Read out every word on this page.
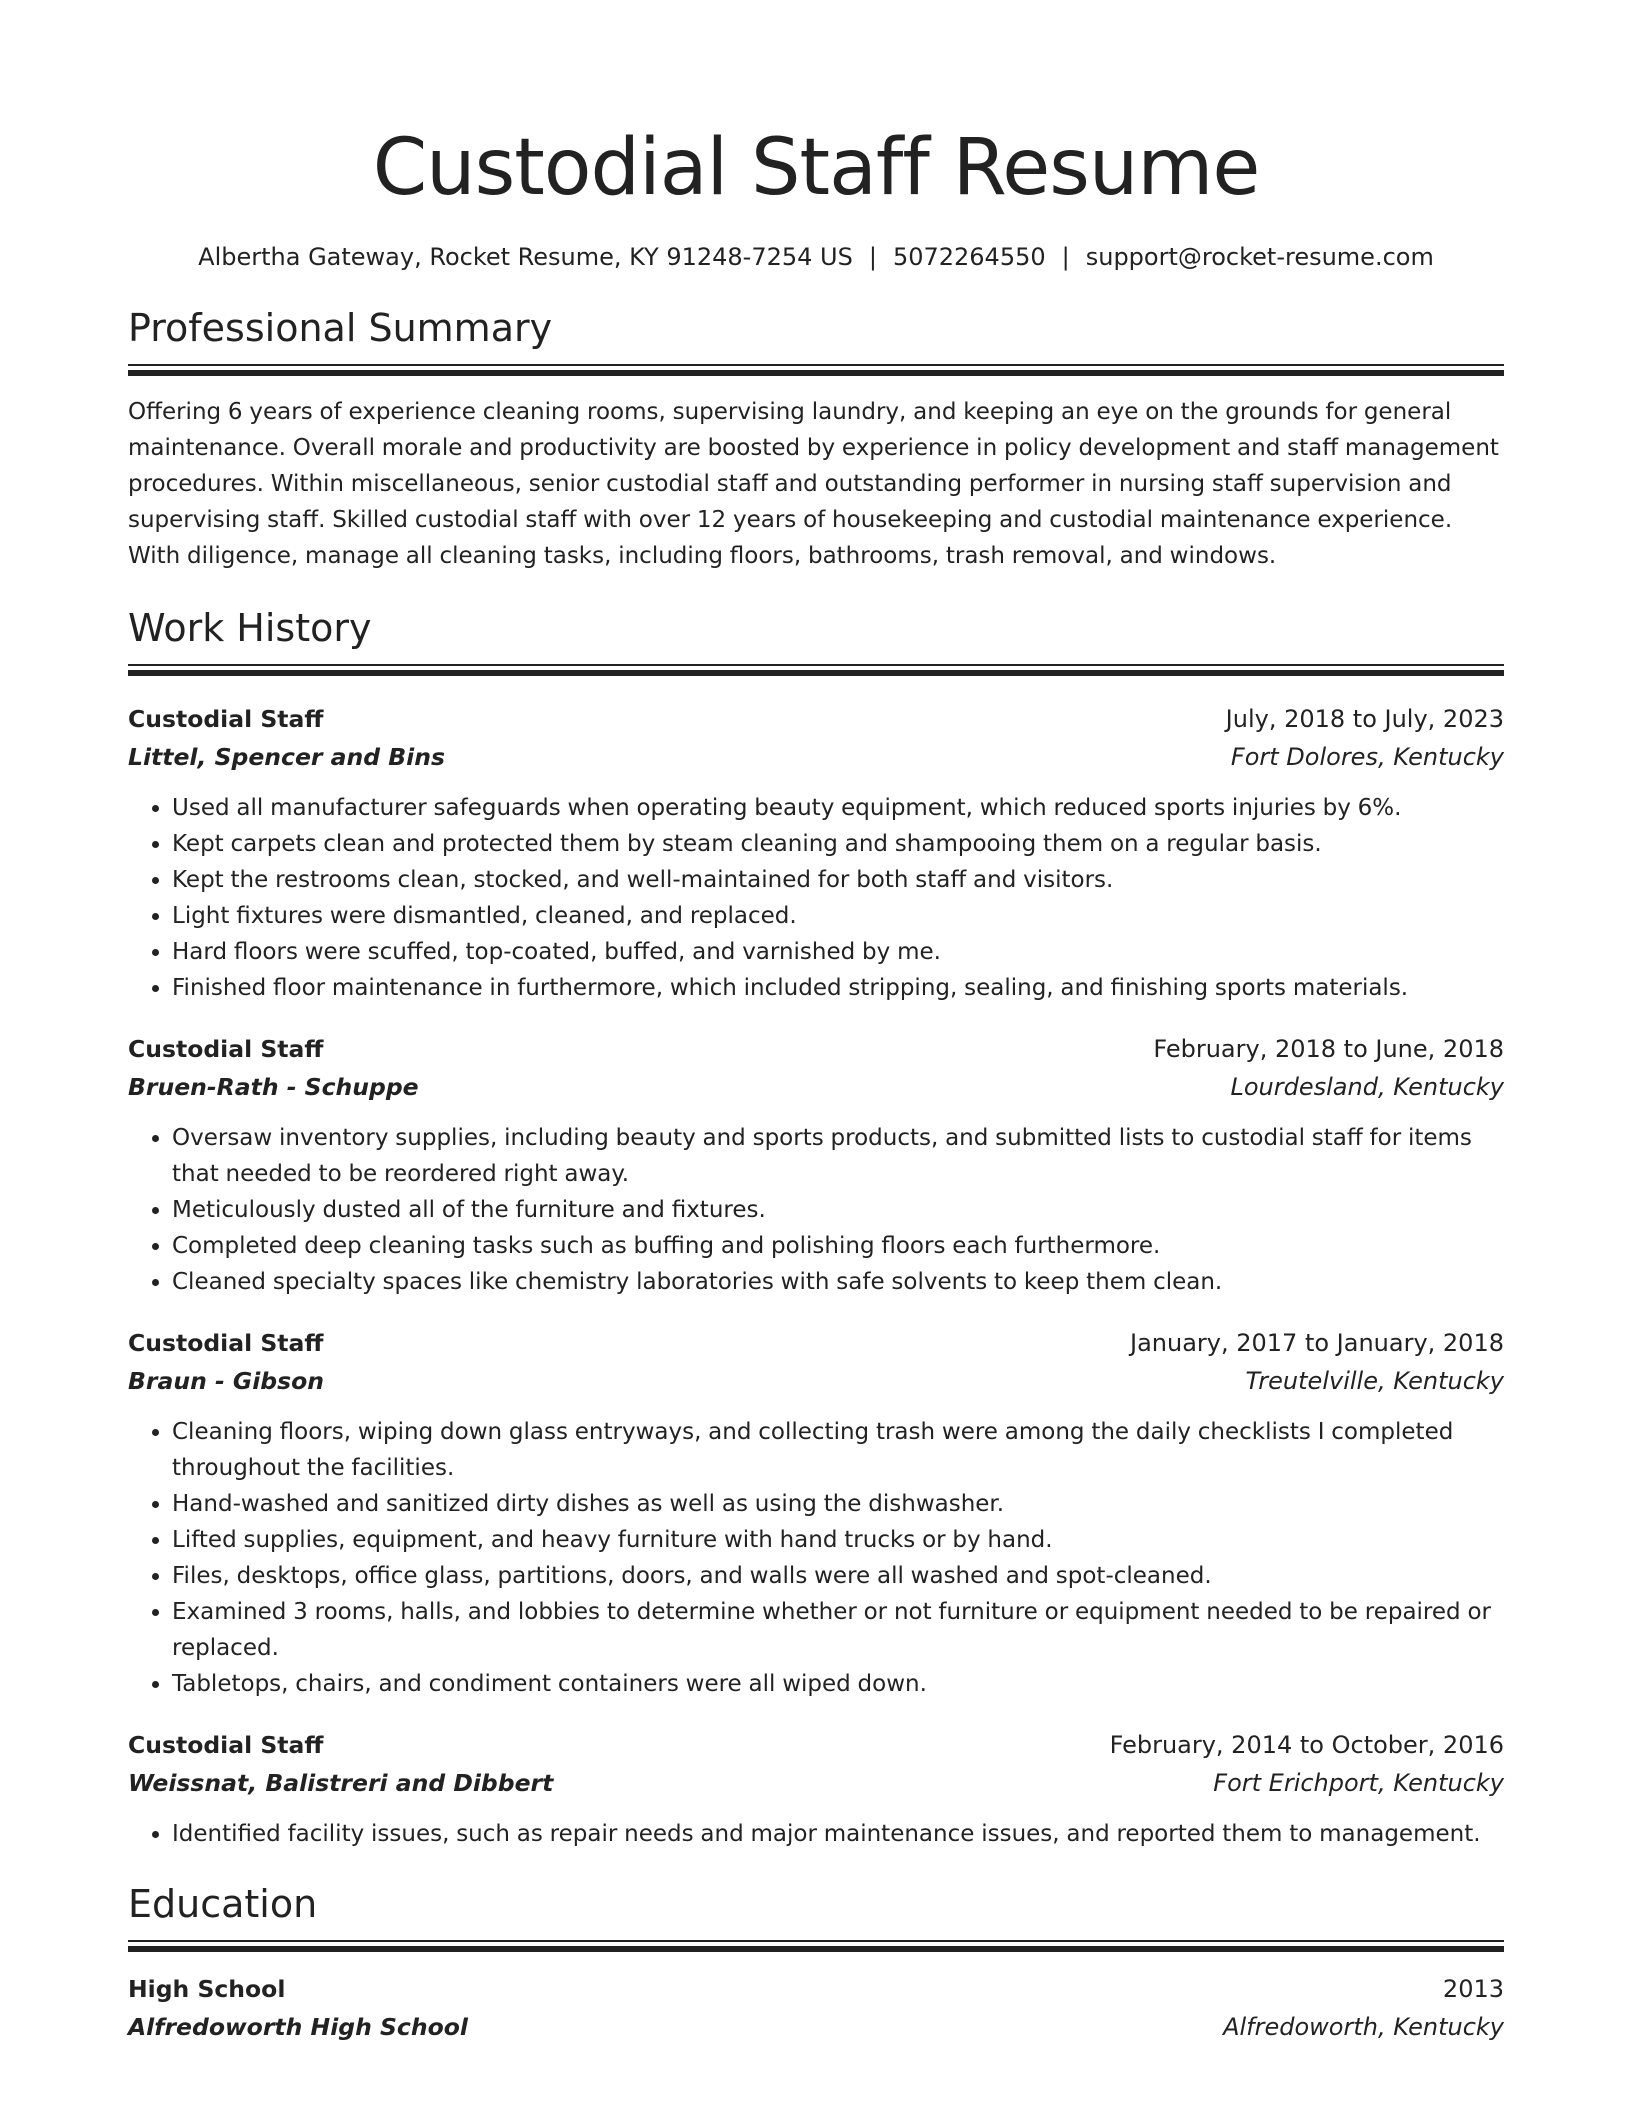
Custodial Staff Resume
Albertha Gateway, Rocket Resume, KY 91248-7254 US | 5072264550 | support@rocket-resume.com
Professional Summary

Offering 6 years of experience cleaning rooms, supervising laundry, and keeping an eye on the grounds for general maintenance. Overall morale and productivity are boosted by experience in policy development and staff management procedures. Within miscellaneous, senior custodial staff and outstanding performer in nursing staff supervision and supervising staff. Skilled custodial staff with over 12 years of housekeeping and custodial maintenance experience. With diligence, manage all cleaning tasks, including floors, bathrooms, trash removal, and windows.

Work History
Custodial Staff	July, 2018 to July, 2023
Littel, Spencer and Bins	Fort Dolores, Kentucky
• Used all manufacturer safeguards when operating beauty equipment, which reduced sports injuries by 6%.
• Kept carpets clean and protected them by steam cleaning and shampooing them on a regular basis.
• Kept the restrooms clean, stocked, and well-maintained for both staff and visitors.
• Light fixtures were dismantled, cleaned, and replaced.
• Hard floors were scuffed, top-coated, buffed, and varnished by me.
• Finished floor maintenance in furthermore, which included stripping, sealing, and finishing sports materials.
Custodial Staff	February, 2018 to June, 2018
Bruen-Rath - Schuppe	Lourdesland, Kentucky
• Oversaw inventory supplies, including beauty and sports products, and submitted lists to custodial staff for items that needed to be reordered right away.
• Meticulously dusted all of the furniture and fixtures.
• Completed deep cleaning tasks such as buffing and polishing floors each furthermore.
• Cleaned specialty spaces like chemistry laboratories with safe solvents to keep them clean.
Custodial Staff	January, 2017 to January, 2018
Braun - Gibson	Treutelville, Kentucky
• Cleaning floors, wiping down glass entryways, and collecting trash were among the daily checklists I completed throughout the facilities.
• Hand-washed and sanitized dirty dishes as well as using the dishwasher.
• Lifted supplies, equipment, and heavy furniture with hand trucks or by hand.
• Files, desktops, office glass, partitions, doors, and walls were all washed and spot-cleaned.
• Examined 3 rooms, halls, and lobbies to determine whether or not furniture or equipment needed to be repaired or replaced.
• Tabletops, chairs, and condiment containers were all wiped down.
Custodial Staff	February, 2014 to October, 2016
Weissnat, Balistreri and Dibbert	Fort Erichport, Kentucky
• Identified facility issues, such as repair needs and major maintenance issues, and reported them to management.
Education
High School	2013
Alfredoworth High School	Alfredoworth, Kentucky
